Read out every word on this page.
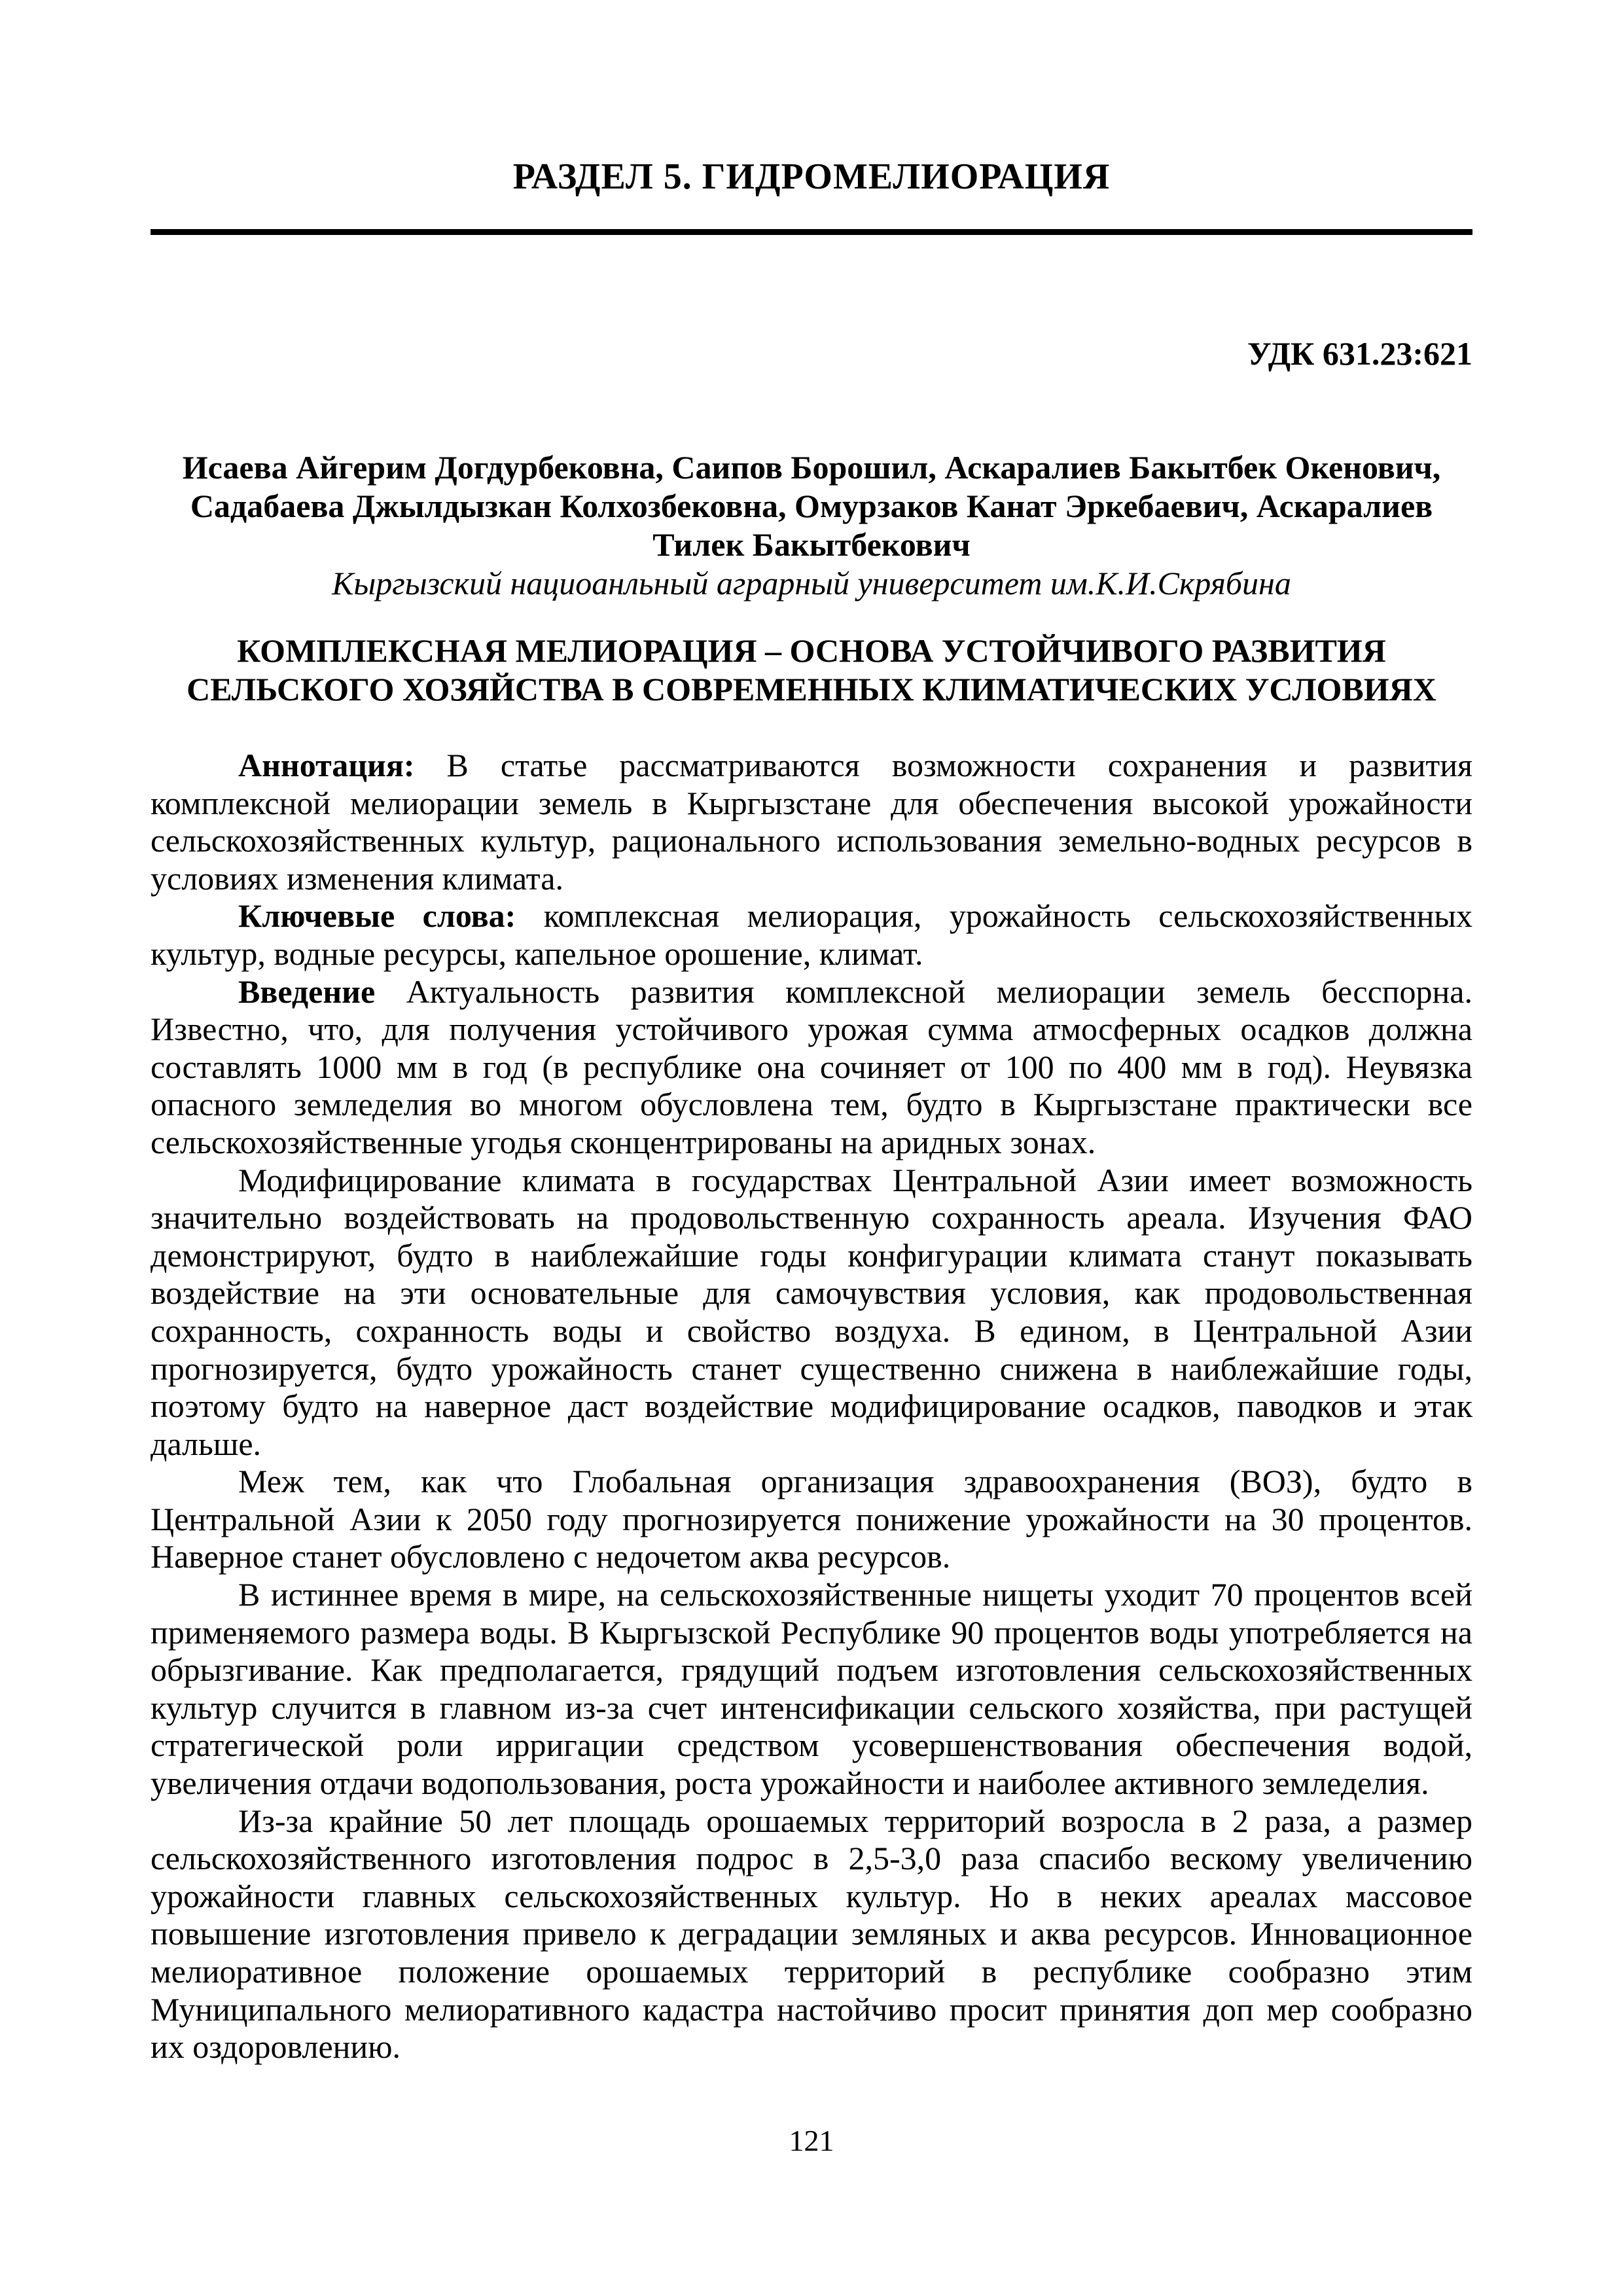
РАЗДЕЛ 5. ГИДРОМЕЛИОРАЦИЯ
УДК 631.23:621
Исаева Айгерим Догдурбековна, Саипов Борошил, Аскаралиев Бакытбек Окенович,
Садабаева Джылдызкан Колхозбековна, Омурзаков Канат Эркебаевич, Аскаралиев
Тилек Бакытбекович
Кыргызский нациоанльный аграрный университет им.К.И.Скрябина
КОМПЛЕКСНАЯ МЕЛИОРАЦИЯ – ОСНОВА УСТОЙЧИВОГО РАЗВИТИЯ
СЕЛЬСКОГО ХОЗЯЙСТВА В СОВРЕМЕННЫХ КЛИМАТИЧЕСКИХ УСЛОВИЯХ

Аннотация: В статье рассматриваются возможности сохранения и развития комплексной мелиорации земель в Кыргызстане для обеспечения высокой урожайности сельскохозяйственных культур, рационального использования земельно-водных ресурсов в условиях изменения климата.

Ключевые слова: комплексная мелиорация, урожайность сельскохозяйственных культур, водные ресурсы, капельное орошение, климат.

Введение Актуальность развития комплексной мелиорации земель бесспорна. Известно, что, для получения устойчивого урожая сумма атмосферных осадков должна составлять 1000 мм в год (в республике она сочиняет от 100 по 400 мм в год). Неувязка опасного земледелия во многом обусловлена тем, будто в Кыргызстане практически все сельскохозяйственные угодья сконцентрированы на аридных зонах.

Модифицирование климата в государствах Центральной Азии имеет возможность значительно воздействовать на продовольственную сохранность ареала. Изучения ФАО демонстрируют, будто в наиблежайшие годы конфигурации климата станут показывать воздействие на эти основательные для самочувствия условия, как продовольственная сохранность, сохранность воды и свойство воздуха. В едином, в Центральной Азии прогнозируется, будто урожайность станет существенно снижена в наиблежайшие годы, поэтому будто на наверное даст воздействие модифицирование осадков, паводков и этак дальше.

Меж тем, как что Глобальная организация здравоохранения (ВОЗ), будто в Центральной Азии к 2050 году прогнозируется понижение урожайности на 30 процентов. Наверное станет обусловлено с недочетом аква ресурсов.

В истиннее время в мире, на сельскохозяйственные нищеты уходит 70 процентов всей применяемого размера воды. В Кыргызской Республике 90 процентов воды употребляется на обрызгивание. Как предполагается, грядущий подъем изготовления сельскохозяйственных культур случится в главном из-за счет интенсификации сельского хозяйства, при растущей стратегической роли ирригации средством усовершенствования обеспечения водой, увеличения отдачи водопользования, роста урожайности и наиболее активного земледелия.

Из-за крайние 50 лет площадь орошаемых территорий возросла в 2 раза, а размер сельскохозяйственного изготовления подрос в 2,5-3,0 раза спасибо вескому увеличению урожайности главных сельскохозяйственных культур. Но в неких ареалах массовое повышение изготовления привело к деградации земляных и аква ресурсов. Инновационное мелиоративное положение орошаемых территорий в республике сообразно этим Муниципального мелиоративного кадастра настойчиво просит принятия доп мер сообразно их оздоровлению.

121
